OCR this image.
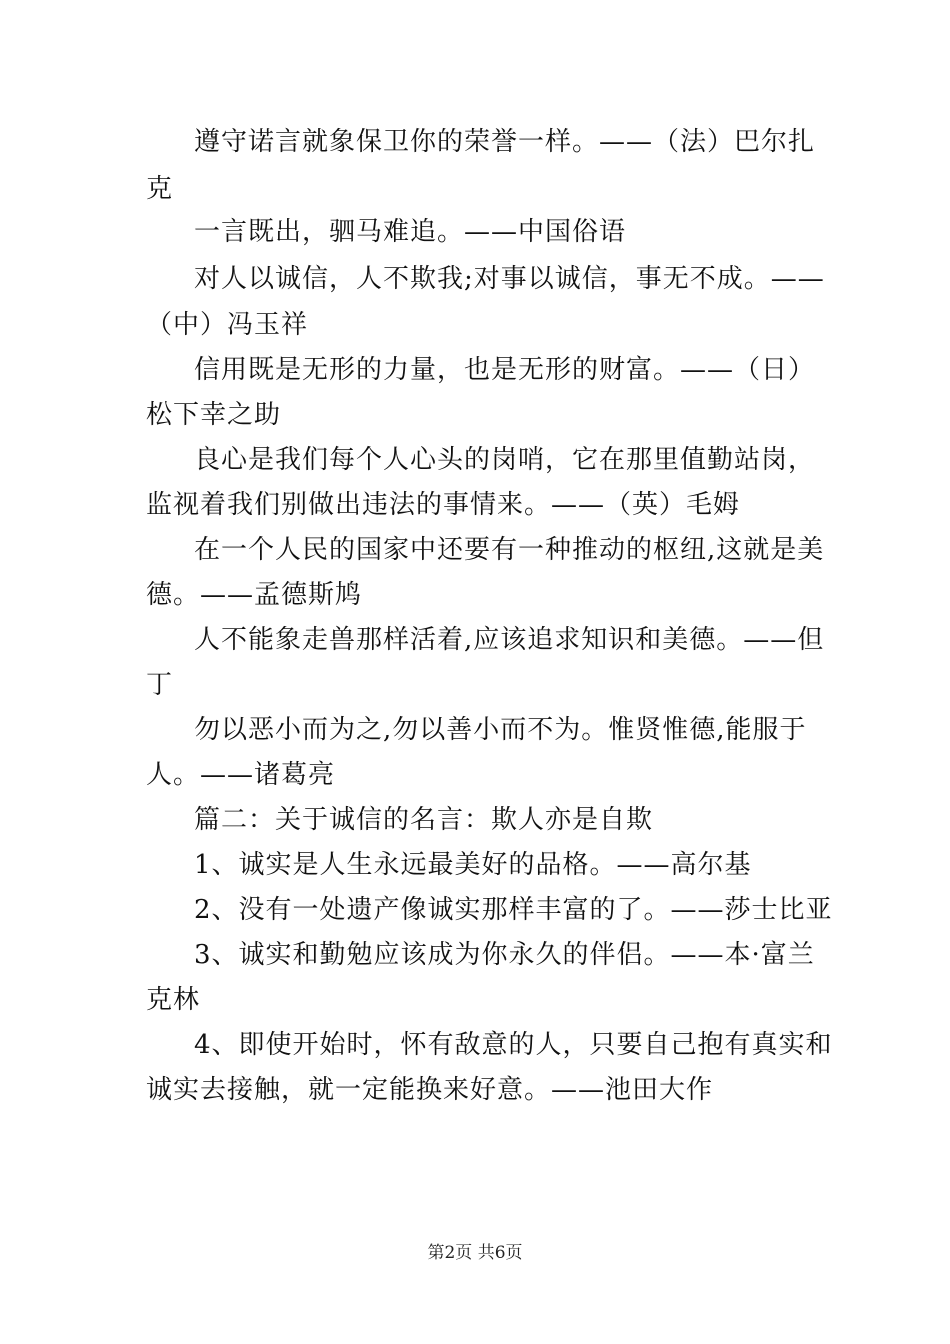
遵守诺言就象保卫你的荣誉一样。——（法）巴尔扎
克
一言既出，驷马难追。——中国俗语
对人以诚信，人不欺我;对事以诚信，事无不成。——
（中）冯玉祥
信用既是无形的力量，也是无形的财富。——（日）
松下幸之助
良心是我们每个人心头的岗哨，它在那里值勤站岗，
监视着我们别做出违法的事情来。——（英）毛姆
在一个人民的国家中还要有一种推动的枢纽,这就是美
德。——孟德斯鸠
人不能象走兽那样活着,应该追求知识和美德。——但
丁
勿以恶小而为之,勿以善小而不为。惟贤惟德,能服于
人。——诸葛亮
篇二：关于诚信的名言：欺人亦是自欺
1、诚实是人生永远最美好的品格。——高尔基
2、没有一处遗产像诚实那样丰富的了。——莎士比亚
3、诚实和勤勉应该成为你永久的伴侣。——本·富兰
克林
4、即使开始时，怀有敌意的人，只要自己抱有真实和
诚实去接触，就一定能换来好意。——池田大作
第2页 共6页
